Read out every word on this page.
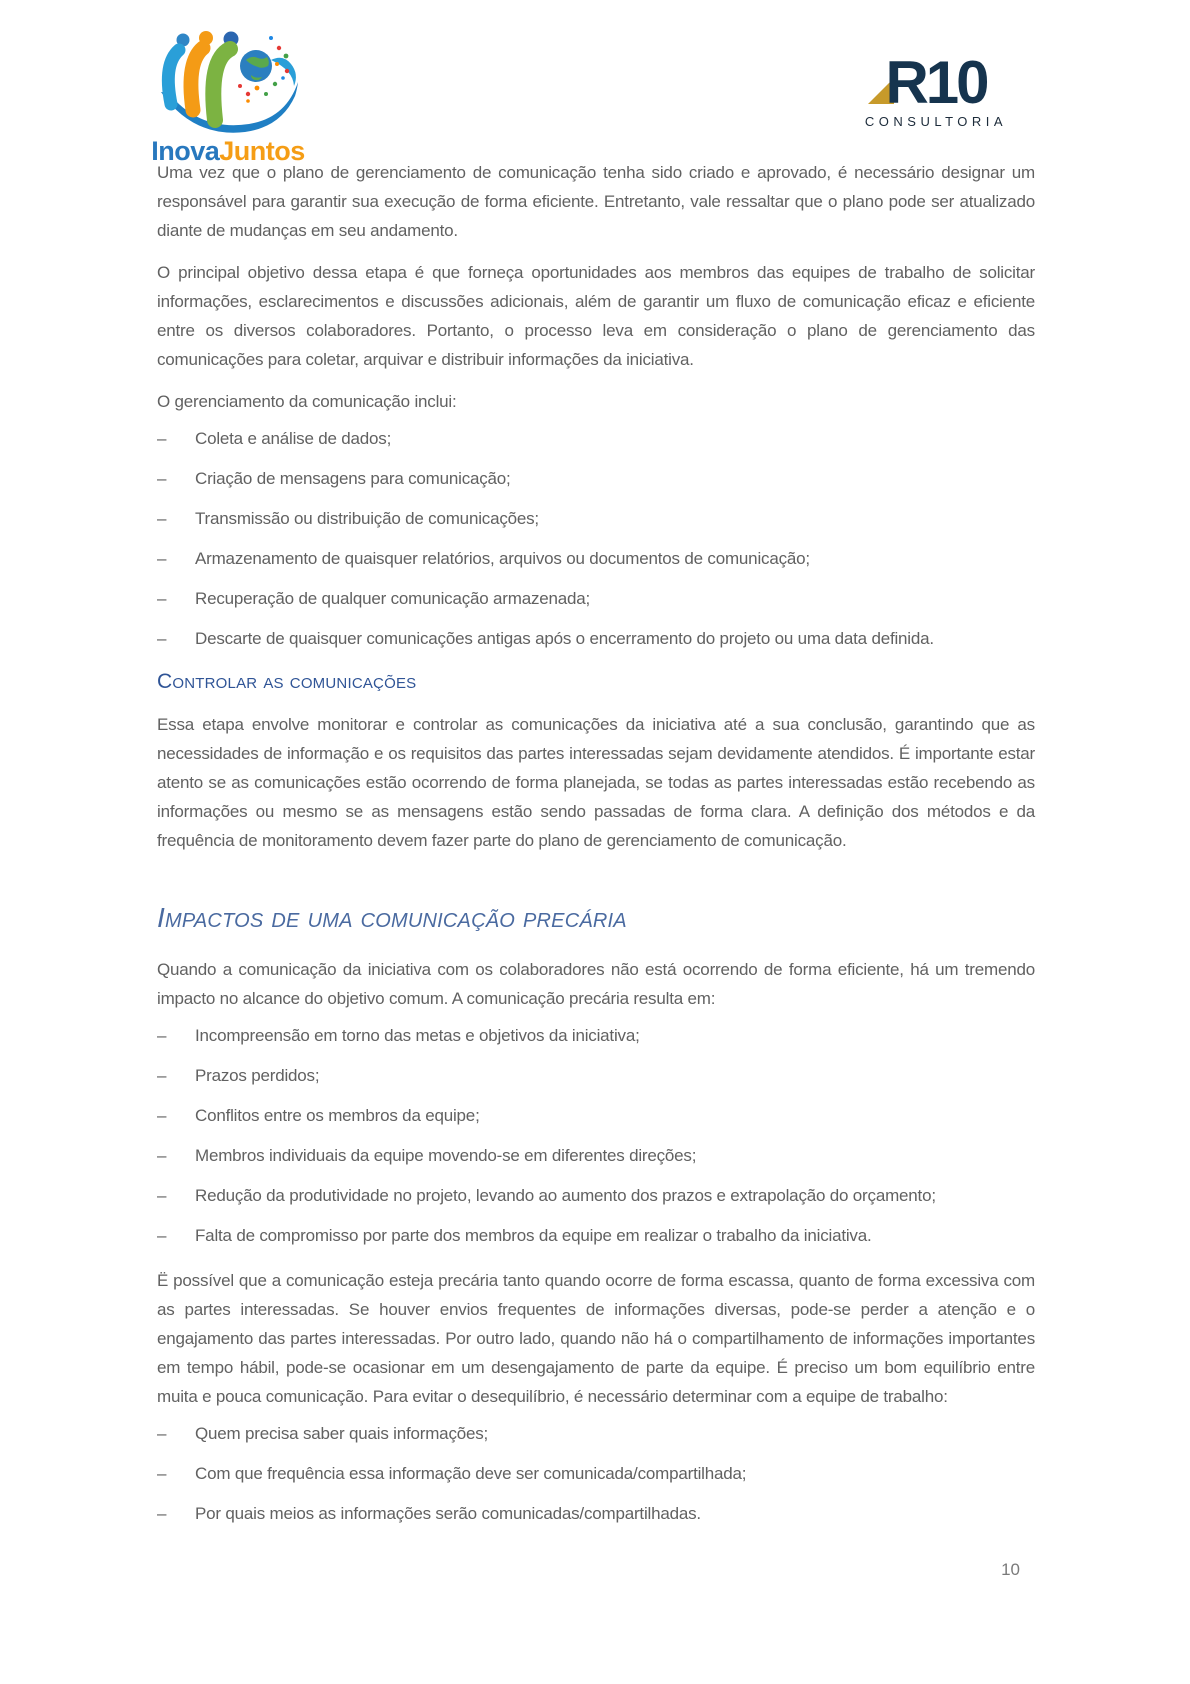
InovaJuntos
R10
CONSULTORIA

Uma vez que o plano de gerenciamento de comunicação tenha sido criado e aprovado, é necessário designar um responsável para garantir sua execução de forma eficiente. Entretanto, vale ressaltar que o plano pode ser atualizado diante de mudanças em seu andamento.

O principal objetivo dessa etapa é que forneça oportunidades aos membros das equipes de trabalho de solicitar informações, esclarecimentos e discussões adicionais, além de garantir um fluxo de comunicação eficaz e eficiente entre os diversos colaboradores. Portanto, o processo leva em consideração o plano de gerenciamento das comunicações para coletar, arquivar e distribuir informações da iniciativa.

O gerenciamento da comunicação inclui:

–	Coleta e análise de dados;
–	Criação de mensagens para comunicação;
–	Transmissão ou distribuição de comunicações;
–	Armazenamento de quaisquer relatórios, arquivos ou documentos de comunicação;
–	Recuperação de qualquer comunicação armazenada;
–	Descarte de quaisquer comunicações antigas após o encerramento do projeto ou uma data definida.
Controlar as comunicações

Essa etapa envolve monitorar e controlar as comunicações da iniciativa até a sua conclusão, garantindo que as necessidades de informação e os requisitos das partes interessadas sejam devidamente atendidos. É importante estar atento se as comunicações estão ocorrendo de forma planejada, se todas as partes interessadas estão recebendo as informações ou mesmo se as mensagens estão sendo passadas de forma clara. A definição dos métodos e da frequência de monitoramento devem fazer parte do plano de gerenciamento de comunicação.

Impactos de uma comunicação precária

Quando a comunicação da iniciativa com os colaboradores não está ocorrendo de forma eficiente, há um tremendo impacto no alcance do objetivo comum. A comunicação precária resulta em:

–	Incompreensão em torno das metas e objetivos da iniciativa;
–	Prazos perdidos;
–	Conflitos entre os membros da equipe;
–	Membros individuais da equipe movendo-se em diferentes direções;
–	Redução da produtividade no projeto, levando ao aumento dos prazos e extrapolação do orçamento;
–	Falta de compromisso por parte dos membros da equipe em realizar o trabalho da iniciativa.

Ë possível que a comunicação esteja precária tanto quando ocorre de forma escassa, quanto de forma excessiva com as partes interessadas. Se houver envios frequentes de informações diversas, pode-se perder a atenção e o engajamento das partes interessadas. Por outro lado, quando não há o compartilhamento de informações importantes em tempo hábil, pode-se ocasionar em um desengajamento de parte da equipe. É preciso um bom equilíbrio entre muita e pouca comunicação. Para evitar o desequilíbrio, é necessário determinar com a equipe de trabalho:

–	Quem precisa saber quais informações;
–	Com que frequência essa informação deve ser comunicada/compartilhada;
–	Por quais meios as informações serão comunicadas/compartilhadas.
10
